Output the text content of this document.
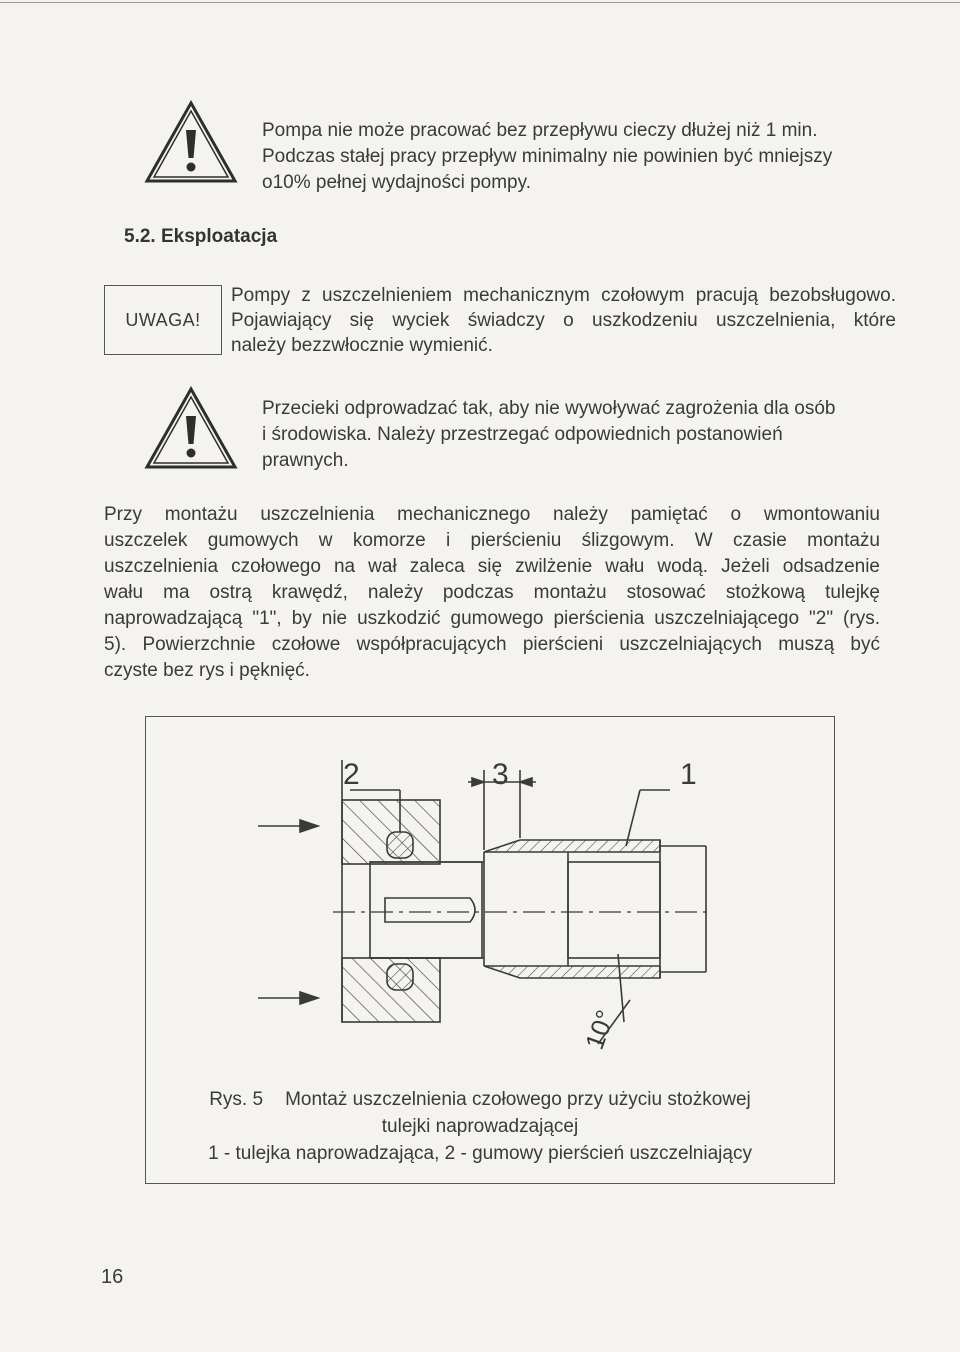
Pompa nie może pracować bez przepływu cieczy dłużej niż 1 min.
Podczas stałej pracy przepływ minimalny nie powinien być mniejszy
o10% pełnej wydajności pompy.
5.2. Eksploatacja
UWAGA!
Pompy z uszczelnieniem mechanicznym czołowym pracują bezobsługowo.
Pojawiający się wyciek świadczy o uszkodzeniu uszczelnienia, które
należy bezzwłocznie wymienić.
Przecieki odprowadzać tak, aby nie wywoływać zagrożenia dla osób
i środowiska. Należy przestrzegać odpowiednich postanowień
prawnych.
Przy montażu uszczelnienia mechanicznego należy pamiętać o wmontowaniu
uszczelek gumowych w komorze i pierścieniu ślizgowym. W czasie montażu
uszczelnienia czołowego na wał zaleca się zwilżenie wału wodą. Jeżeli odsadzenie
wału ma ostrą krawędź, należy podczas montażu stosować stożkową tulejkę
naprowadzającą "1", by nie uszkodzić gumowego pierścienia uszczelniającego "2" (rys.
5). Powierzchnie czołowe współpracujących pierścieni uszczelniających muszą być
czyste bez rys i pęknięć.
2	3	1
10°
Rys. 5 Montaż uszczelnienia czołowego przy użyciu stożkowej
tulejki naprowadzającej
1 - tulejka naprowadzająca, 2 - gumowy pierścień uszczelniający
16
